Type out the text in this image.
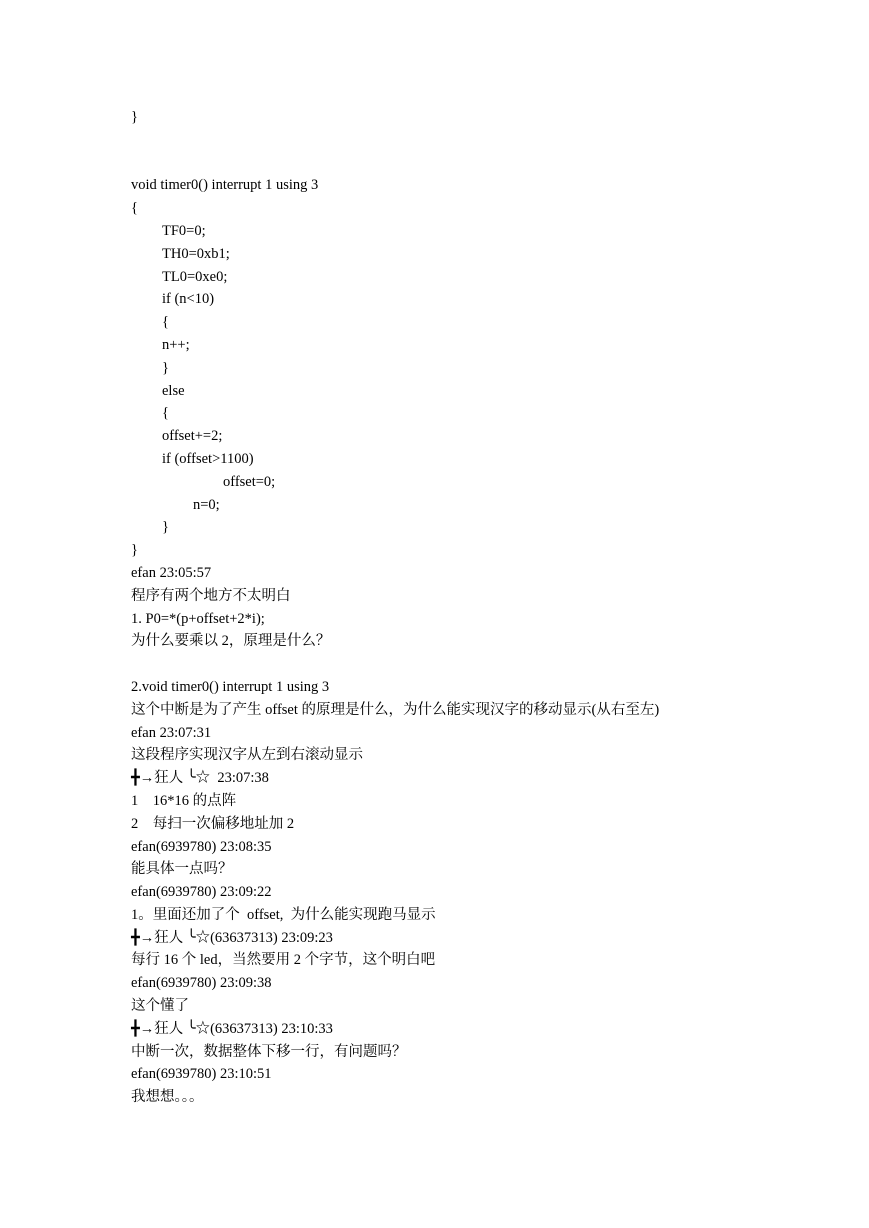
}
void timer0() interrupt 1 using 3
{
TF0=0;
TH0=0xb1;
TL0=0xe0;
if (n<10)
{
n++;
}
else
{
offset+=2;
if (offset>1100)
offset=0;
n=0;
}
}
efan 23:05:57
程序有两个地方不太明白
1. P0=*(p+offset+2*i);
为什么要乘以 2，原理是什么？
2.void timer0() interrupt 1 using 3
这个中断是为了产生 offset 的原理是什么，为什么能实现汉字的移动显示(从右至左)
efan 23:07:31
这段程序实现汉字从左到右滚动显示
╋→狂人 ╰☆  23:07:38
1    16*16 的点阵
2    每扫一次偏移地址加 2
efan(6939780) 23:08:35
能具体一点吗？
efan(6939780) 23:09:22
1。里面还加了个  offset,  为什么能实现跑马显示
╋→狂人 ╰☆(63637313) 23:09:23
每行 16 个 led，当然要用 2 个字节，这个明白吧
efan(6939780) 23:09:38
这个懂了
╋→狂人 ╰☆(63637313) 23:10:33
中断一次，数据整体下移一行，有问题吗？
efan(6939780) 23:10:51
我想想。。。
